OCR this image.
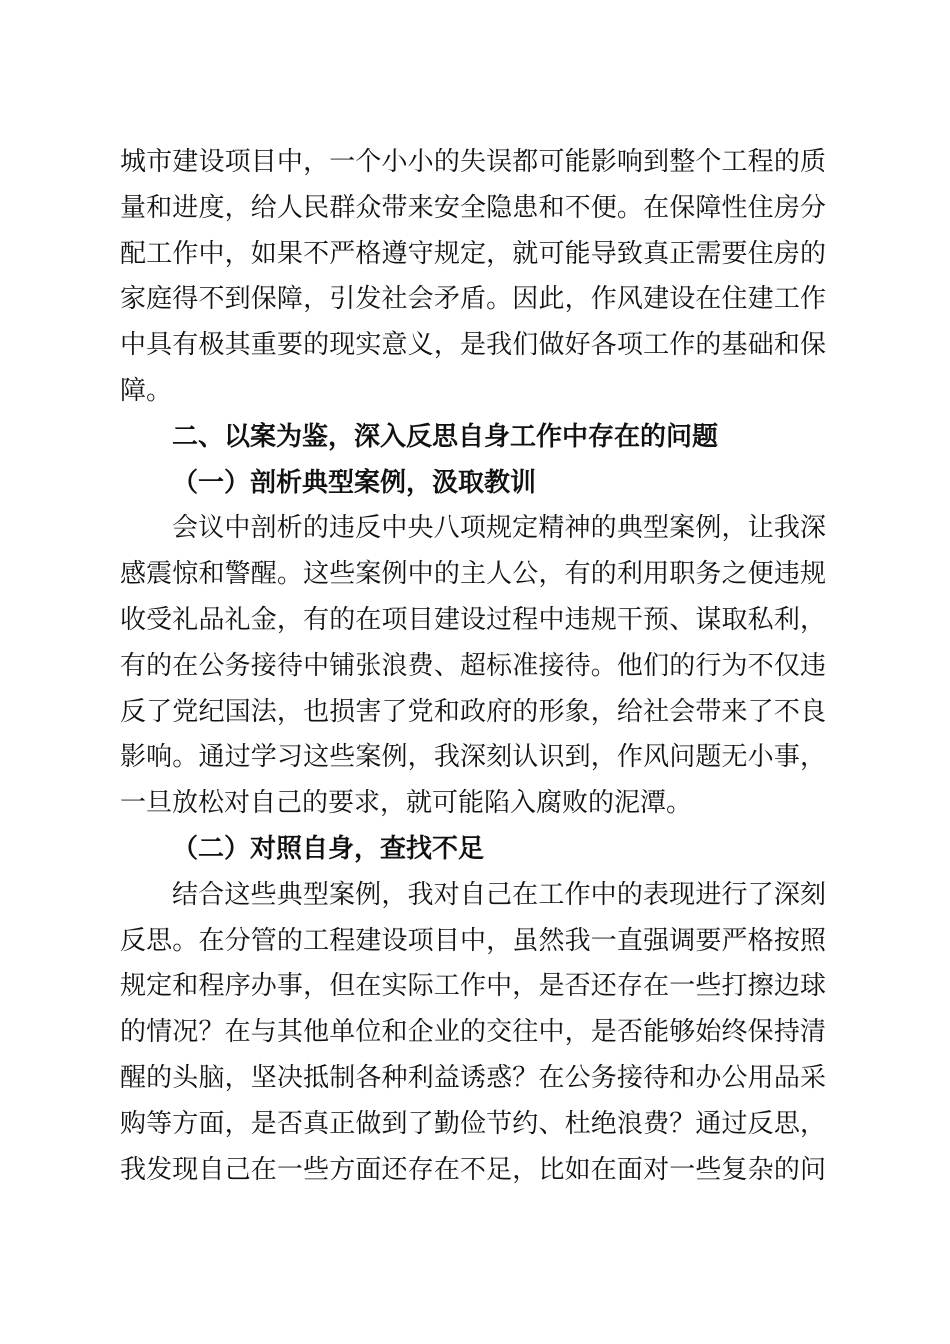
城市建设项目中，一个小小的失误都可能影响到整个工程的质
量和进度，给人民群众带来安全隐患和不便。在保障性住房分
配工作中，如果不严格遵守规定，就可能导致真正需要住房的
家庭得不到保障，引发社会矛盾。因此，作风建设在住建工作
中具有极其重要的现实意义，是我们做好各项工作的基础和保
障。
二、以案为鉴，深入反思自身工作中存在的问题
（一）剖析典型案例，汲取教训
会议中剖析的违反中央八项规定精神的典型案例，让我深
感震惊和警醒。这些案例中的主人公，有的利用职务之便违规
收受礼品礼金，有的在项目建设过程中违规干预、谋取私利，
有的在公务接待中铺张浪费、超标准接待。他们的行为不仅违
反了党纪国法，也损害了党和政府的形象，给社会带来了不良
影响。通过学习这些案例，我深刻认识到，作风问题无小事，
一旦放松对自己的要求，就可能陷入腐败的泥潭。
（二）对照自身，查找不足
结合这些典型案例，我对自己在工作中的表现进行了深刻
反思。在分管的工程建设项目中，虽然我一直强调要严格按照
规定和程序办事，但在实际工作中，是否还存在一些打擦边球
的情况？在与其他单位和企业的交往中，是否能够始终保持清
醒的头脑，坚决抵制各种利益诱惑？在公务接待和办公用品采
购等方面，是否真正做到了勤俭节约、杜绝浪费？通过反思，
我发现自己在一些方面还存在不足，比如在面对一些复杂的问
